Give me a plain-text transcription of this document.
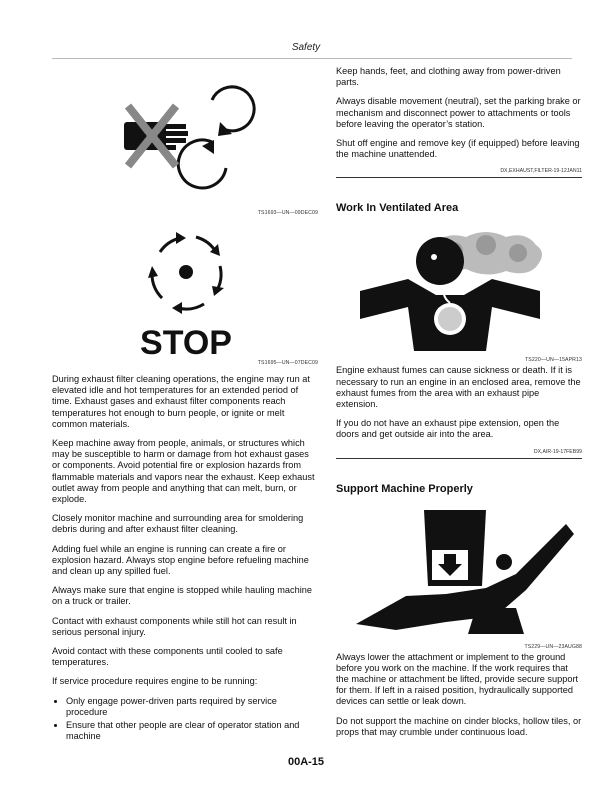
Safety
TS1693—UN—09DEC09
STOP
TS1695—UN—07DEC09

During exhaust filter cleaning operations, the engine may run at elevated idle and hot temperatures for an extended period of time. Exhaust gases and exhaust filter components reach temperatures hot enough to burn people, or ignite or melt common materials.

Keep machine away from people, animals, or structures which may be susceptible to harm or damage from hot exhaust gases or components. Avoid potential fire or explosion hazards from flammable materials and vapors near the exhaust. Keep exhaust outlet away from people and anything that can melt, burn, or explode.

Closely monitor machine and surrounding area for smoldering debris during and after exhaust filter cleaning.

Adding fuel while an engine is running can create a fire or explosion hazard. Always stop engine before refueling machine and clean up any spilled fuel.

Always make sure that engine is stopped while hauling machine on a truck or trailer.

Contact with exhaust components while still hot can result in serious personal injury.

Avoid contact with these components until cooled to safe temperatures.

If service procedure requires engine to be running:

• Only engage power-driven parts required by service procedure
• Ensure that other people are clear of operator station and machine

Keep hands, feet, and clothing away from power-driven parts.

Always disable movement (neutral), set the parking brake or mechanism and disconnect power to attachments or tools before leaving the operator’s station.

Shut off engine and remove key (if equipped) before leaving the machine unattended.

DX,EXHAUST,FILTER-19-12JAN11
Work In Ventilated Area
TS220—UN—15APR13

Engine exhaust fumes can cause sickness or death. If it is necessary to run an engine in an enclosed area, remove the exhaust fumes from the area with an exhaust pipe extension.

If you do not have an exhaust pipe extension, open the doors and get outside air into the area.

DX,AIR-19-17FEB99
Support Machine Properly
TS229—UN—23AUG88

Always lower the attachment or implement to the ground before you work on the machine. If the work requires that the machine or attachment be lifted, provide secure support for them. If left in a raised position, hydraulically supported devices can settle or leak down.

Do not support the machine on cinder blocks, hollow tiles, or props that may crumble under continuous load.

00A-15
